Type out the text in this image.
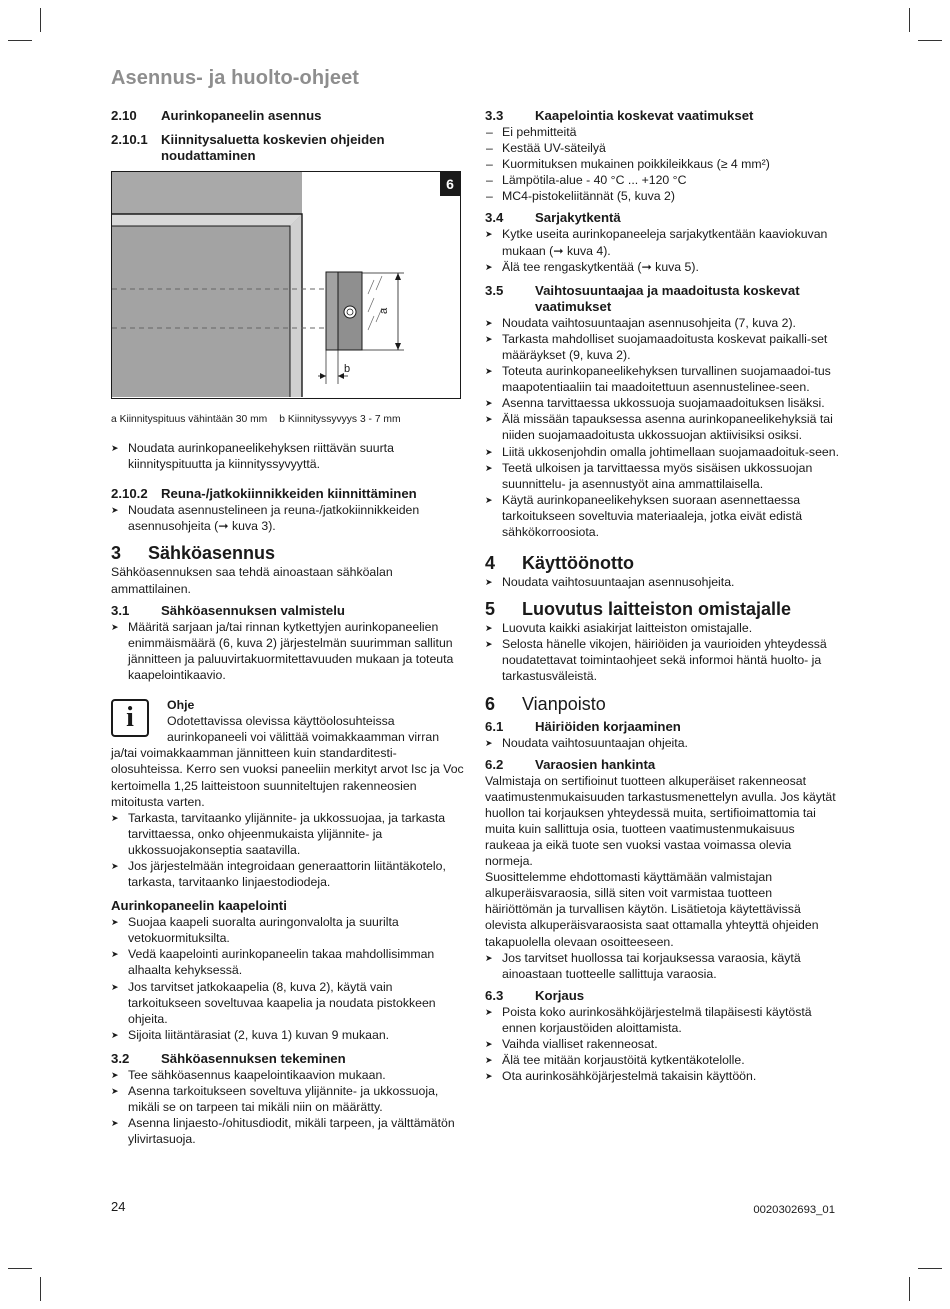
Asennus- ja huolto-ohjeet
2.10	Aurinkopaneelin asennus
2.10.1	Kiinnitysaluetta koskevien ohjeiden noudattaminen
a
b
6
a Kiinnityspituus vähintään 30 mm b Kiinnityssyvyys 3 - 7 mm

➤ Noudata aurinkopaneelikehyksen riittävän suurta kiinnityspituutta ja kiinnityssyvyyttä.

2.10.2	Reuna-/jatkokiinnikkeiden kiinnittäminen

➤ Noudata asennustelineen ja reuna-/jatkokiinnikkeiden asennusohjeita (➞ kuva 3).

3	Sähköasennus

Sähköasennuksen saa tehdä ainoastaan sähköalan ammattilainen.

3.1	Sähköasennuksen valmistelu

➤ Määritä sarjaan ja/tai rinnan kytkettyjen aurinkopaneelien enimmäismäärä (6, kuva 2) järjestelmän suurimman sallitun jännitteen ja paluuvirtakuormitettavuuden mukaan ja toteuta kaapelointikaavio.

i	Ohje
Odotettavissa olevissa käyttöolosuhteissa aurinkopaneeli voi välittää voimakkaamman virran

ja/tai voimakkaamman jännitteen kuin standarditesti-olosuhteissa. Kerro sen vuoksi paneeliin merkityt arvot Isc ja Voc kertoimella 1,25 laitteistoon suunniteltujen rakenneosien mitoitusta varten.

➤ Tarkasta, tarvitaanko ylijännite- ja ukkossuojaa, ja tarkasta tarvittaessa, onko ohjeenmukaista ylijännite- ja ukkossuojakonseptia saatavilla.

➤ Jos järjestelmään integroidaan generaattorin liitäntäkotelo, tarkasta, tarvitaanko linjaestodiodeja.

Aurinkopaneelin kaapelointi

➤ Suojaa kaapeli suoralta auringonvalolta ja suurilta vetokuormituksilta.

➤ Vedä kaapelointi aurinkopaneelin takaa mahdollisimman alhaalta kehyksessä.

➤ Jos tarvitset jatkokaapelia (8, kuva 2), käytä vain tarkoitukseen soveltuvaa kaapelia ja noudata pistokkeen ohjeita.

➤ Sijoita liitäntärasiat (2, kuva 1) kuvan 9 mukaan.

3.2	Sähköasennuksen tekeminen

➤ Tee sähköasennus kaapelointikaavion mukaan.

➤ Asenna tarkoitukseen soveltuva ylijännite- ja ukkossuoja, mikäli se on tarpeen tai mikäli niin on määrätty.

➤ Asenna linjaesto-/ohitusdiodit, mikäli tarpeen, ja välttämätön ylivirtasuoja.

3.3	Kaapelointia koskevat vaatimukset

– Ei pehmitteitä

– Kestää UV-säteilyä

– Kuormituksen mukainen poikkileikkaus (≥ 4 mm²)

– Lämpötila-alue - 40 °C ... +120 °C

– MC4-pistokeliitännät (5, kuva 2)

3.4	Sarjakytkentä

➤ Kytke useita aurinkopaneeleja sarjakytkentään kaaviokuvan mukaan (➞ kuva 4).

➤ Älä tee rengaskytkentää (➞ kuva 5).

3.5	Vaihtosuuntaajaa ja maadoitusta koskevat vaatimukset

➤ Noudata vaihtosuuntaajan asennusohjeita (7, kuva 2).

➤ Tarkasta mahdolliset suojamaadoitusta koskevat paikalli-set määräykset (9, kuva 2).

➤ Toteuta aurinkopaneelikehyksen turvallinen suojamaadoi-tus maapotentiaaliin tai maadoitettuun asennustelinee-seen.

➤ Asenna tarvittaessa ukkossuoja suojamaadoituksen lisäksi.

➤ Älä missään tapauksessa asenna aurinkopaneelikehyksiä tai niiden suojamaadoitusta ukkossuojan aktiivisiksi osiksi.

➤ Liitä ukkosenjohdin omalla johtimellaan suojamaadoituk-seen.

➤ Teetä ulkoisen ja tarvittaessa myös sisäisen ukkossuojan suunnittelu- ja asennustyöt aina ammattilaisella.

➤ Käytä aurinkopaneelikehyksen suoraan asennettaessa tarkoitukseen soveltuvia materiaaleja, jotka eivät edistä sähkökorroosiota.

4	Käyttöönotto

➤ Noudata vaihtosuuntaajan asennusohjeita.

5	Luovutus laitteiston omistajalle

➤ Luovuta kaikki asiakirjat laitteiston omistajalle.

➤ Selosta hänelle vikojen, häiriöiden ja vaurioiden yhteydessä noudatettavat toimintaohjeet sekä informoi häntä huolto- ja tarkastusväleistä.

6	Vianpoisto
6.1	Häiriöiden korjaaminen

➤ Noudata vaihtosuuntaajan ohjeita.

6.2	Varaosien hankinta

Valmistaja on sertifioinut tuotteen alkuperäiset rakenneosat vaatimustenmukaisuuden tarkastusmenettelyn avulla. Jos käytät huollon tai korjauksen yhteydessä muita, sertifioimattomia tai muita kuin sallittuja osia, tuotteen vaatimustenmukaisuus raukeaa ja eikä tuote sen vuoksi vastaa voimassa olevia normeja.

Suosittelemme ehdottomasti käyttämään valmistajan alkuperäisvaraosia, sillä siten voit varmistaa tuotteen häiriöttömän ja turvallisen käytön. Lisätietoja käytettävissä olevista alkuperäisvaraosista saat ottamalla yhteyttä ohjeiden takapuolella olevaan osoitteeseen.

➤ Jos tarvitset huollossa tai korjauksessa varaosia, käytä ainoastaan tuotteelle sallittuja varaosia.

6.3	Korjaus

➤ Poista koko aurinkosähköjärjestelmä tilapäisesti käytöstä ennen korjaustöiden aloittamista.

➤ Vaihda vialliset rakenneosat.

➤ Älä tee mitään korjaustöitä kytkentäkotelolle.

➤ Ota aurinkosähköjärjestelmä takaisin käyttöön.

24	0020302693_01
